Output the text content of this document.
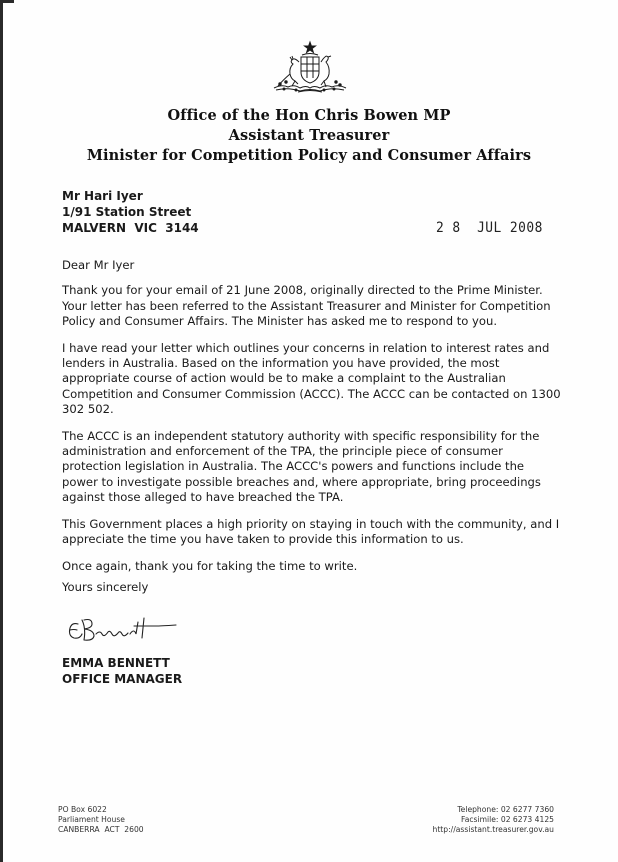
Office of the Hon Chris Bowen MP
Assistant Treasurer
Minister for Competition Policy and Consumer Affairs
Mr Hari Iyer
1/91 Station Street
MALVERN  VIC  3144	2 8  JUL 2008

Dear Mr Iyer

Thank you for your email of 21 June 2008, originally directed to the Prime Minister. Your letter has been referred to the Assistant Treasurer and Minister for Competition Policy and Consumer Affairs. The Minister has asked me to respond to you.

I have read your letter which outlines your concerns in relation to interest rates and lenders in Australia. Based on the information you have provided, the most appropriate course of action would be to make a complaint to the Australian Competition and Consumer Commission (ACCC). The ACCC can be contacted on 1300 302 502.

The ACCC is an independent statutory authority with specific responsibility for the administration and enforcement of the TPA, the principle piece of consumer protection legislation in Australia. The ACCC's powers and functions include the power to investigate possible breaches and, where appropriate, bring proceedings against those alleged to have breached the TPA.

This Government places a high priority on staying in touch with the community, and I appreciate the time you have taken to provide this information to us.

Once again, thank you for taking the time to write.

Yours sincerely
EMMA BENNETT
OFFICE MANAGER
PO Box 6022
Parliament House
CANBERRA  ACT  2600
Telephone: 02 6277 7360
Facsimile: 02 6273 4125
http://assistant.treasurer.gov.au
